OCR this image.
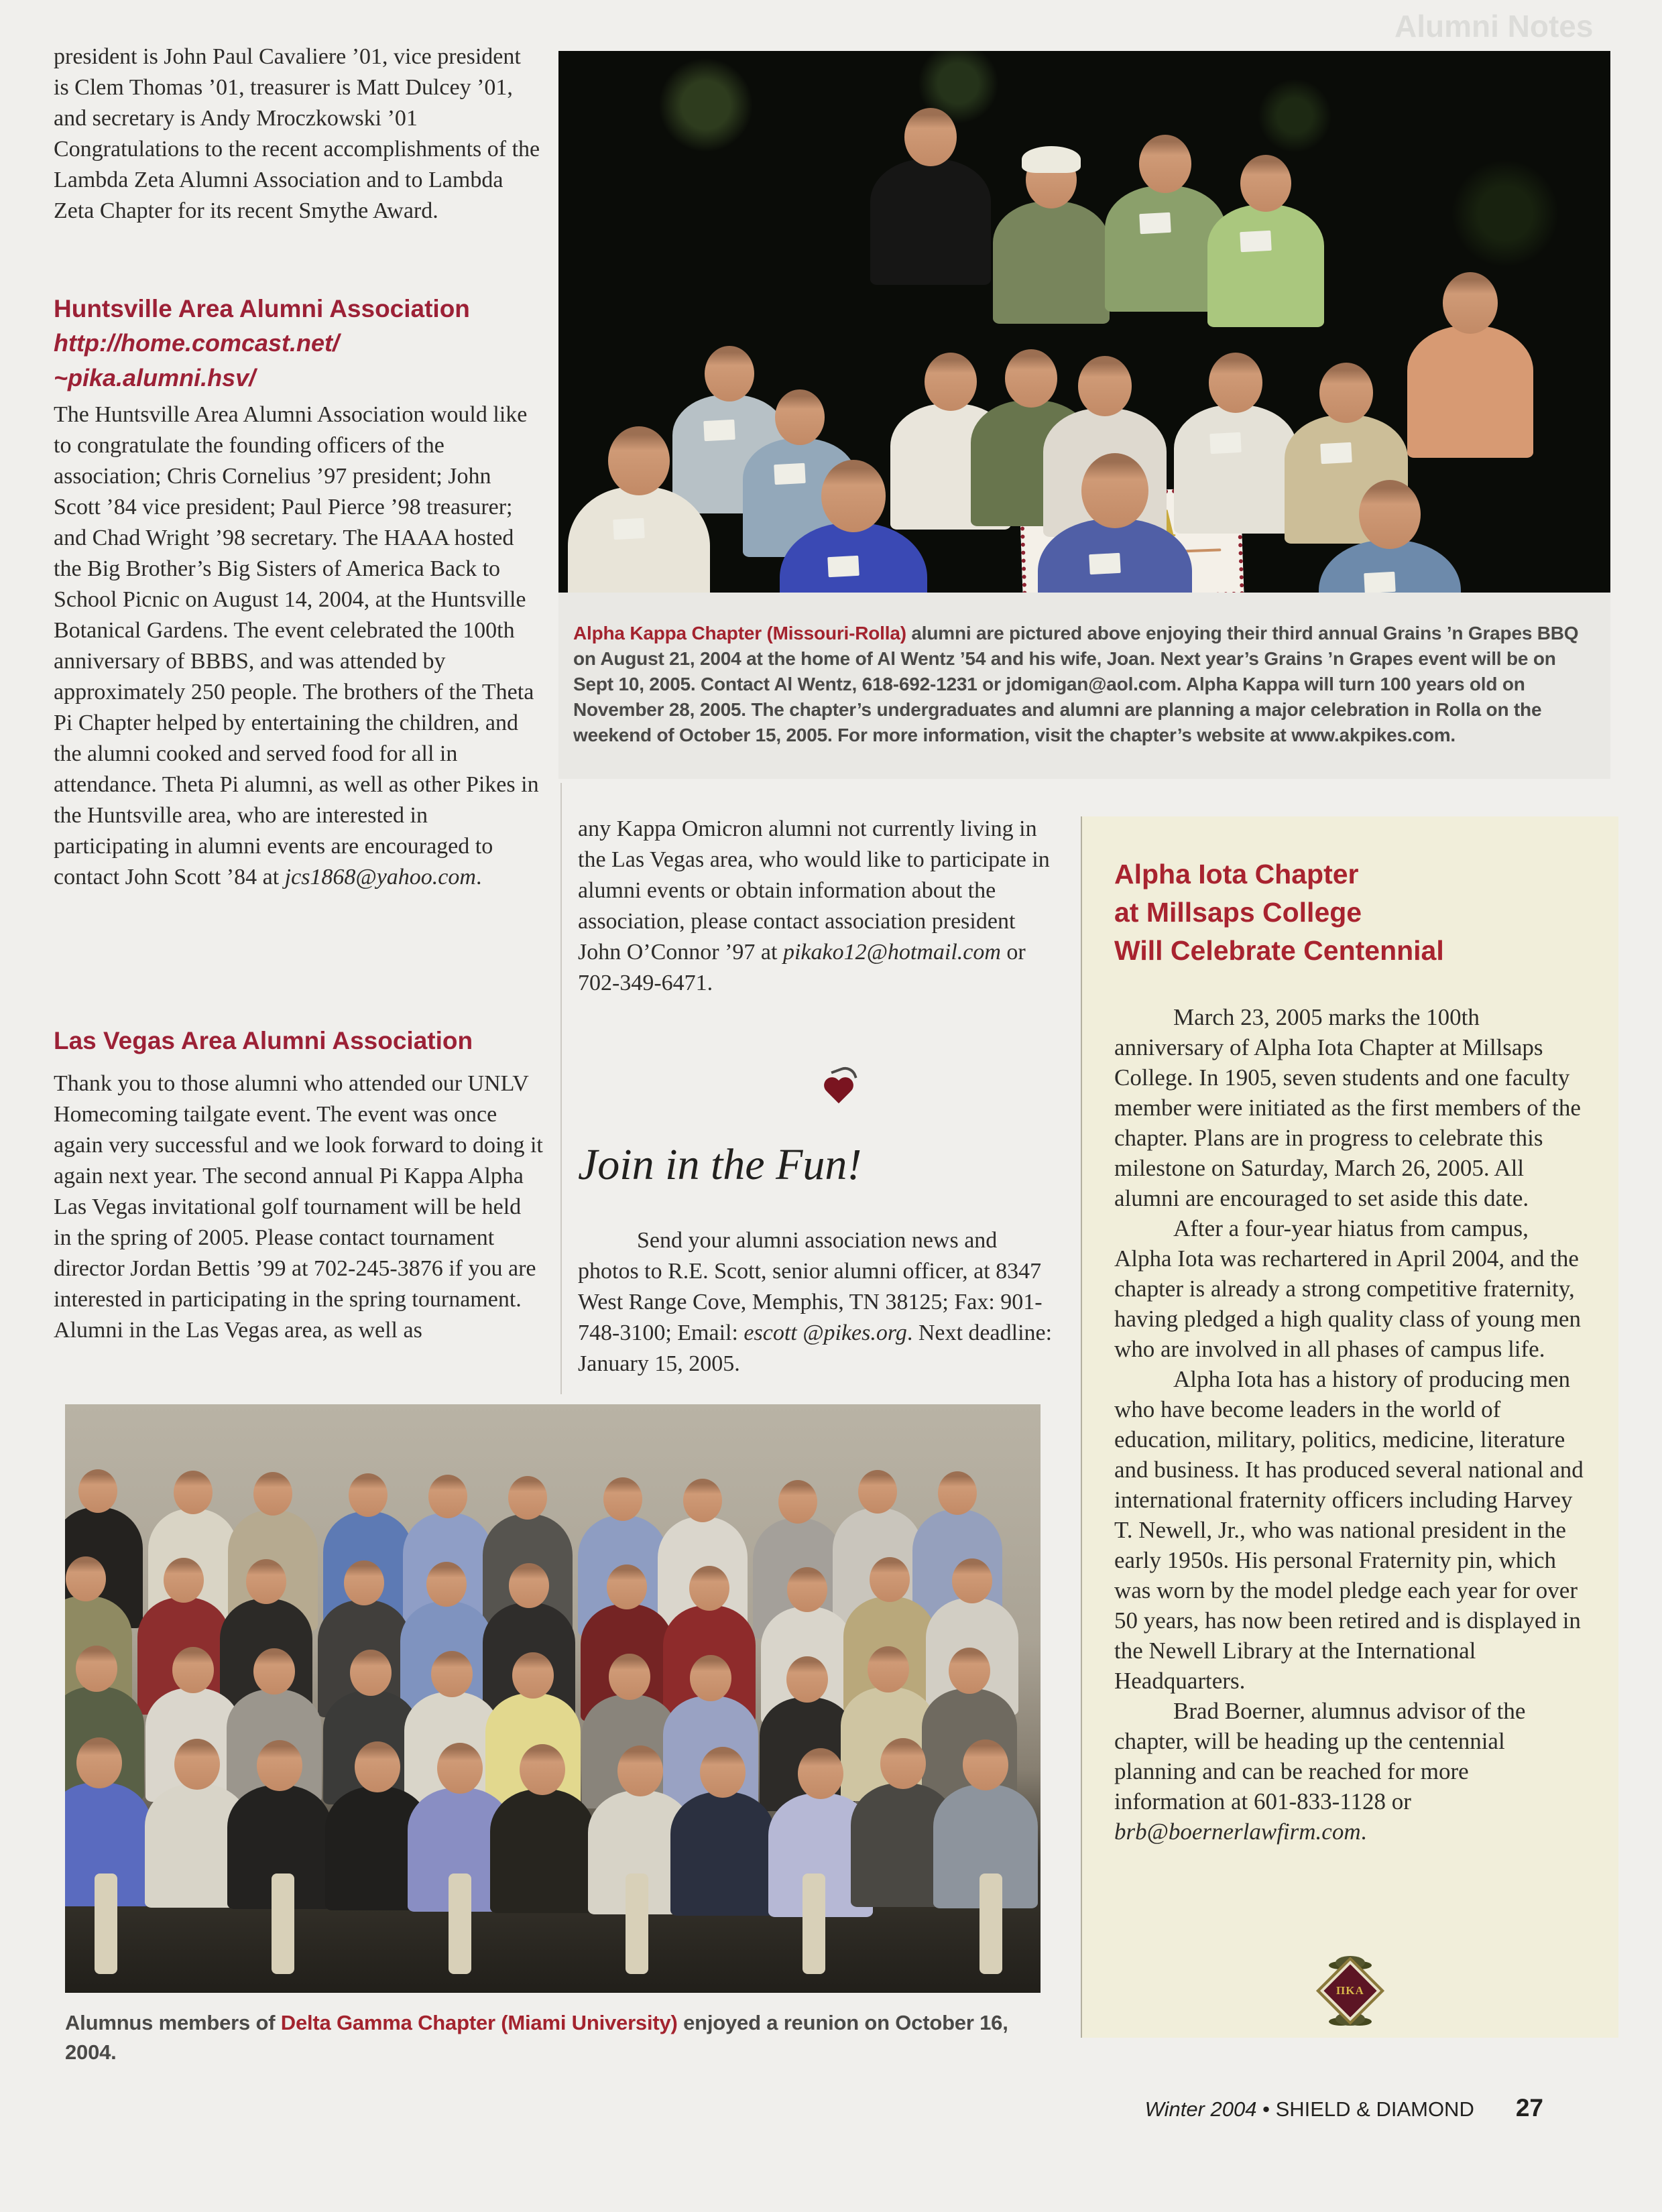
Alumni Notes
president is John Paul Cavaliere ’01, vice president is Clem Thomas ’01, treasurer is Matt Dulcey ’01, and secretary is Andy Mroczkowski ’01 Congratulations to the recent accomplishments of the Lambda Zeta Alumni Association and to Lambda Zeta Chapter for its recent Smythe Award.
Huntsville Area Alumni Association
http://home.comcast.net/
~pika.alumni.hsv/
The Huntsville Area Alumni Association would like to congratulate the founding officers of the association; Chris Cornelius ’97 president; John Scott ’84 vice president; Paul Pierce ’98 treasurer; and Chad Wright ’98 secretary. The HAAA hosted the Big Brother’s Big Sisters of America Back to School Picnic on August 14, 2004, at the Huntsville Botanical Gardens. The event celebrated the 100th anniversary of BBBS, and was attended by approximately 250 people. The brothers of the Theta Pi Chapter helped by entertaining the children, and the alumni cooked and served food for all in attendance. Theta Pi alumni, as well as other Pikes in the Huntsville area, who are interested in participating in alumni events are encouraged to contact John Scott ’84 at jcs1868@yahoo.com.
Las Vegas Area Alumni Association
Thank you to those alumni who attended our UNLV Homecoming tailgate event. The event was once again very successful and we look forward to doing it again next year. The second annual Pi Kappa Alpha Las Vegas invitational golf tournament will be held in the spring of 2005. Please contact tournament director Jordan Bettis ’99 at 702-245-3876 if you are interested in participating in the spring tournament. Alumni in the Las Vegas area, as well as
Alpha Kappa Chapter (Missouri-Rolla) alumni are pictured above enjoying their third annual Grains ’n Grapes BBQ on August 21, 2004 at the home of Al Wentz ’54 and his wife, Joan. Next year’s Grains ’n Grapes event will be on Sept 10, 2005. Contact Al Wentz, 618-692-1231 or jdomigan@aol.com. Alpha Kappa will turn 100 years old on November 28, 2005. The chapter’s undergraduates and alumni are planning a major celebration in Rolla on the weekend of October 15, 2005. For more information, visit the chapter’s website at www.akpikes.com.
any Kappa Omicron alumni not currently living in the Las Vegas area, who would like to participate in alumni events or obtain information about the association, please contact association president John O’Connor ’97 at pikako12@hotmail.com or 702-349-6471.
Join in the Fun!
Send your alumni association news and photos to R.E. Scott, senior alumni officer, at 8347 West Range Cove, Memphis, TN 38125; Fax: 901-748-3100; Email: escott @pikes.org. Next deadline: January 15, 2005.
Alpha Iota Chapter
at Millsaps College
Will Celebrate Centennial

March 23, 2005 marks the 100th anniversary of Alpha Iota Chapter at Millsaps College. In 1905, seven students and one faculty member were initiated as the first members of the chapter. Plans are in progress to celebrate this milestone on Saturday, March 26, 2005. All alumni are encouraged to set aside this date.

After a four-year hiatus from campus, Alpha Iota was rechartered in April 2004, and the chapter is already a strong competitive fraternity, having pledged a high quality class of young men who are involved in all phases of campus life.

Alpha Iota has a history of producing men who have become leaders in the world of education, military, politics, medicine, literature and business. It has produced several national and international fraternity officers including Harvey T. Newell, Jr., who was national president in the early 1950s. His personal Fraternity pin, which was worn by the model pledge each year for over 50 years, has now been retired and is displayed in the Newell Library at the International Headquarters.

Brad Boerner, alumnus advisor of the chapter, will be heading up the centennial planning and can be reached for more information at 601-833-1128 or brb@boernerlawfirm.com.

ΠKA
Alumnus members of Delta Gamma Chapter (Miami University) enjoyed a reunion on October 16, 2004.
Winter 2004 • SHIELD & DIAMOND 27
